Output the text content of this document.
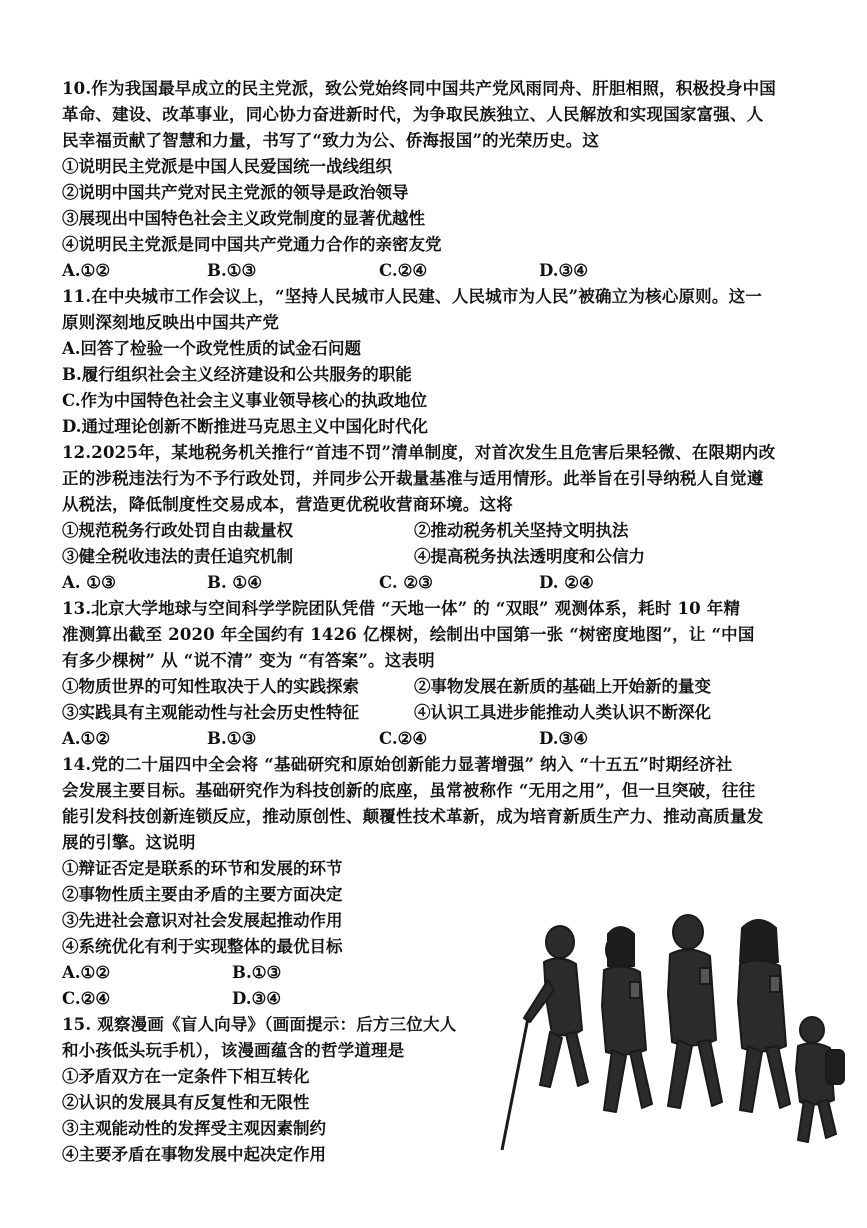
10.作为我国最早成立的民主党派，致公党始终同中国共产党风雨同舟、肝胆相照，积极投身中国
革命、建设、改革事业，同心协力奋进新时代，为争取民族独立、人民解放和实现国家富强、人
民幸福贡献了智慧和力量，书写了“致力为公、侨海报国”的光荣历史。这
①说明民主党派是中国人民爱国统一战线组织
②说明中国共产党对民主党派的领导是政治领导
③展现出中国特色社会主义政党制度的显著优越性
④说明民主党派是同中国共产党通力合作的亲密友党
A.①②	B.①③	C.②④	D.③④
11.在中央城市工作会议上，“坚持人民城市人民建、人民城市为人民”被确立为核心原则。这一
原则深刻地反映出中国共产党
A.回答了检验一个政党性质的试金石问题
B.履行组织社会主义经济建设和公共服务的职能
C.作为中国特色社会主义事业领导核心的执政地位
D.通过理论创新不断推进马克思主义中国化时代化
12.2025年，某地税务机关推行“首违不罚”清单制度，对首次发生且危害后果轻微、在限期内改
正的涉税违法行为不予行政处罚，并同步公开裁量基准与适用情形。此举旨在引导纳税人自觉遵
从税法，降低制度性交易成本，营造更优税收营商环境。这将
①规范税务行政处罚自由裁量权	②推动税务机关坚持文明执法
③健全税收违法的责任追究机制	④提高税务执法透明度和公信力
A. ①③	B. ①④	C. ②③	D. ②④
13.北京大学地球与空间科学学院团队凭借 “天地一体” 的 “双眼” 观测体系，耗时 10 年精
准测算出截至 2020 年全国约有 1426 亿棵树，绘制出中国第一张 “树密度地图”，让 “中国
有多少棵树” 从 “说不清” 变为 “有答案”。这表明
①物质世界的可知性取决于人的实践探索	②事物发展在新质的基础上开始新的量变
③实践具有主观能动性与社会历史性特征	④认识工具进步能推动人类认识不断深化
A.①②	B.①③	C.②④	D.③④
14.党的二十届四中全会将 “基础研究和原始创新能力显著增强” 纳入 “十五五”时期经济社
会发展主要目标。基础研究作为科技创新的底座，虽常被称作 “无用之用”，但一旦突破，往往
能引发科技创新连锁反应，推动原创性、颠覆性技术革新，成为培育新质生产力、推动高质量发
展的引擎。这说明
①辩证否定是联系的环节和发展的环节
②事物性质主要由矛盾的主要方面决定
③先进社会意识对社会发展起推动作用
④系统优化有利于实现整体的最优目标
A.①②	B.①③
C.②④	D.③④
15. 观察漫画《盲人向导》（画面提示：后方三位大人
和小孩低头玩手机），该漫画蕴含的哲学道理是
①矛盾双方在一定条件下相互转化
②认识的发展具有反复性和无限性
③主观能动性的发挥受主观因素制约
④主要矛盾在事物发展中起决定作用
